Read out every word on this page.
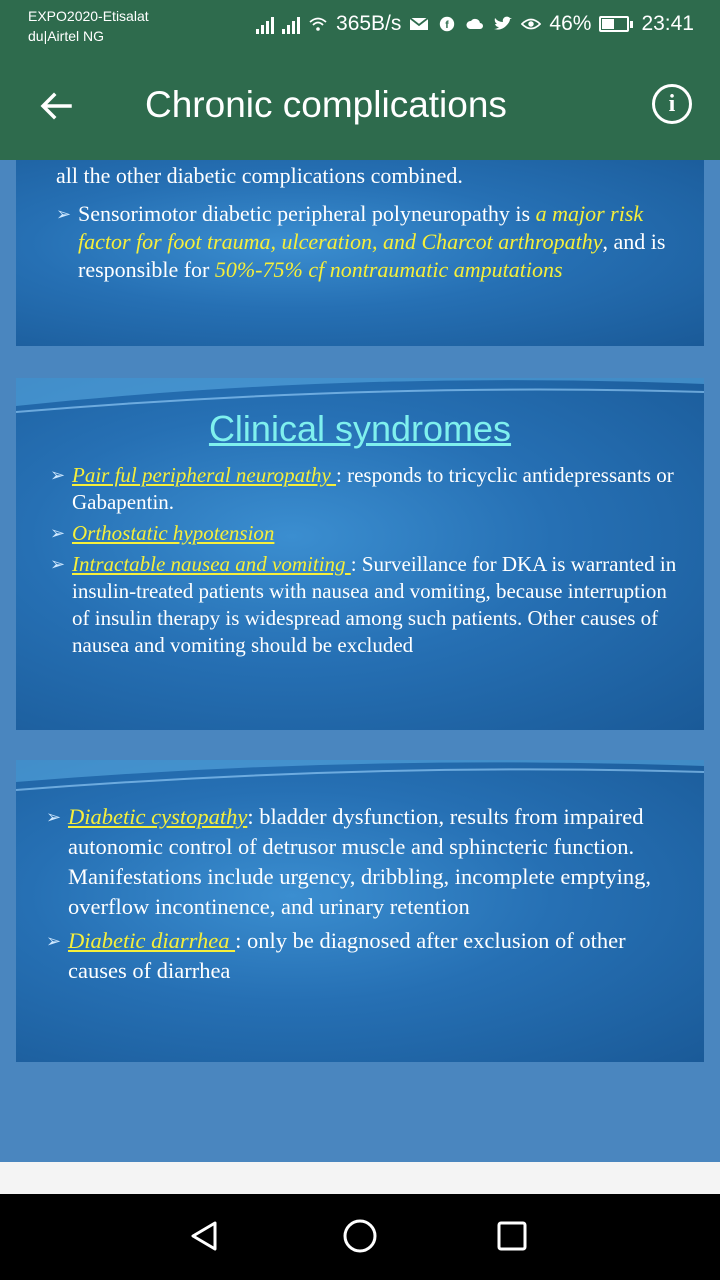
EXPO2020-Etisalat
du|Airtel NG
365B/s	f	46% 23:41
Chronic complications	i
all the other diabetic complications combined.
➢ Sensorimotor diabetic peripheral polyneuropathy is a major risk factor for foot trauma, ulceration, and Charcot arthropathy, and is responsible for 50%-75% cf nontraumatic amputations
Clinical syndromes
➢ Pair ful peripheral neuropathy : responds to tricyclic antidepressants or Gabapentin.
➢ Orthostatic hypotension
➢ Intractable nausea and vomiting : Surveillance for DKA is warranted in insulin-treated patients with nausea and vomiting, because interruption of insulin therapy is widespread among such patients. Other causes of nausea and vomiting should be excluded
➢ Diabetic cystopathy: bladder dysfunction, results from impaired autonomic control of detrusor muscle and sphincteric function. Manifestations include urgency, dribbling, incomplete emptying, overflow incontinence, and urinary retention
➢ Diabetic diarrhea : only be diagnosed after exclusion of other causes of diarrhea
